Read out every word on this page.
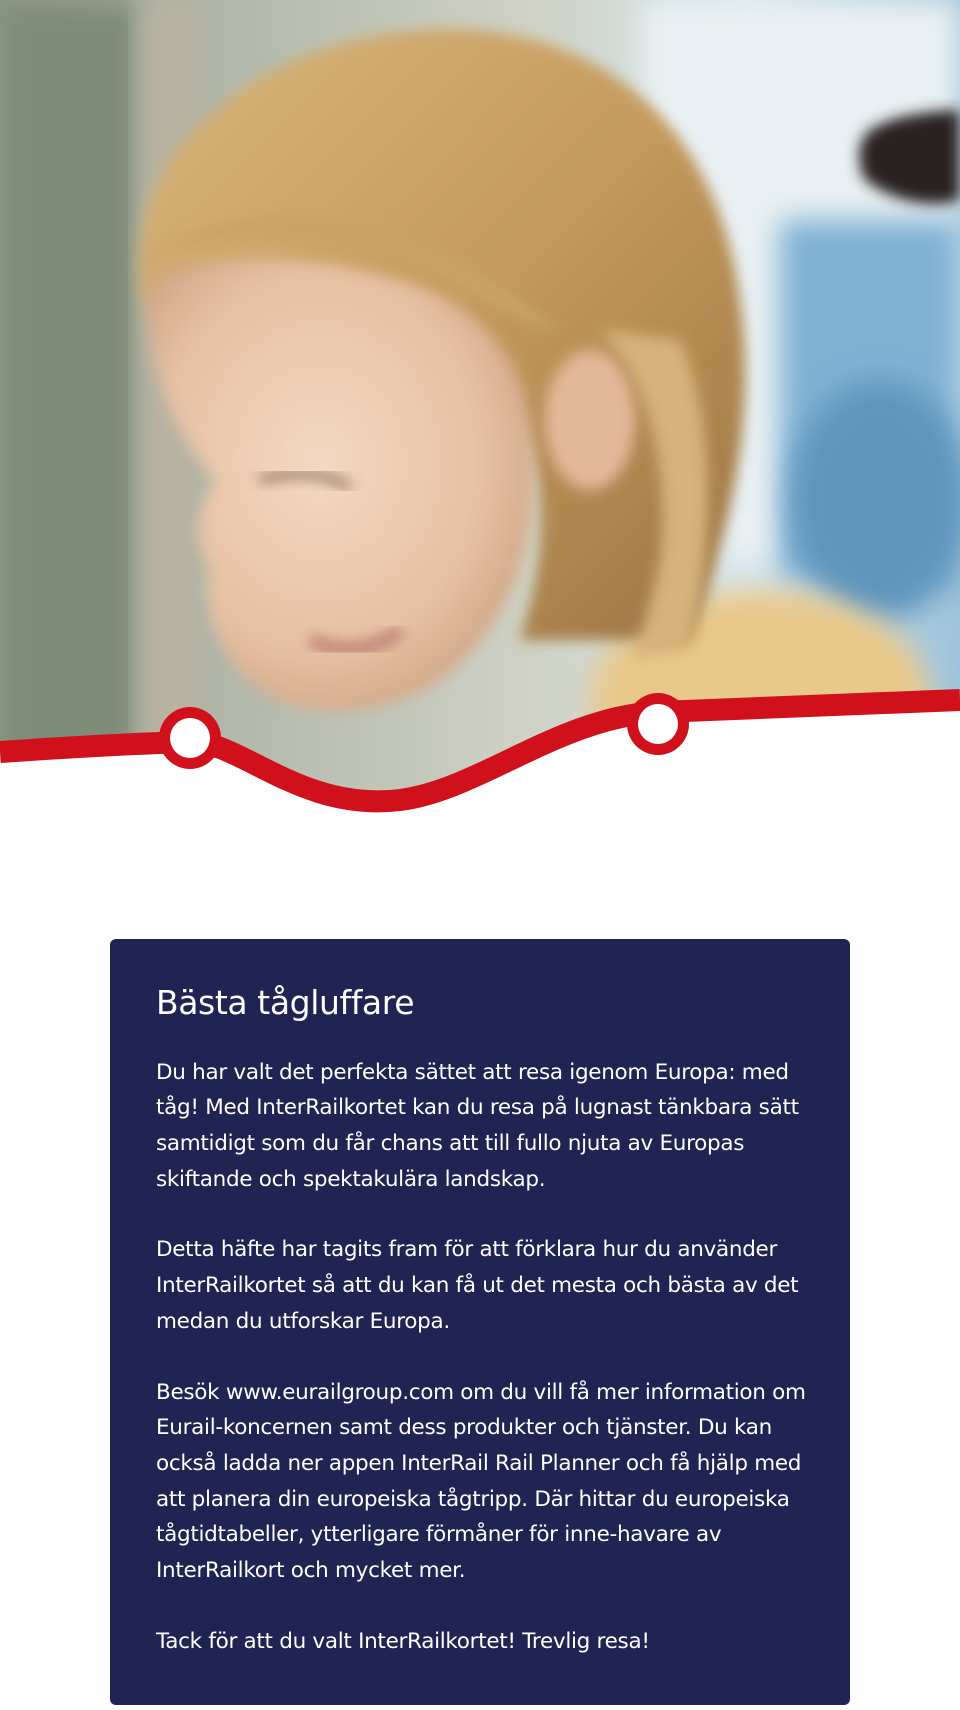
Bästa tågluffare

Du har valt det perfekta sättet att resa igenom Europa: med tåg! Med InterRailkortet kan du resa på lugnast tänkbara sätt samtidigt som du får chans att till fullo njuta av Europas skiftande och spektakulära landskap.

Detta häfte har tagits fram för att förklara hur du använder InterRailkortet så att du kan få ut det mesta och bästa av det medan du utforskar Europa.

Besök www.eurailgroup.com om du vill få mer information om Eurail-koncernen samt dess produkter och tjänster. Du kan också ladda ner appen InterRail Rail Planner och få hjälp med att planera din europeiska tågtripp. Där hittar du europeiska tågtidtabeller, ytterligare förmåner för inne-havare av InterRailkort och mycket mer.

Tack för att du valt InterRailkortet! Trevlig resa!
